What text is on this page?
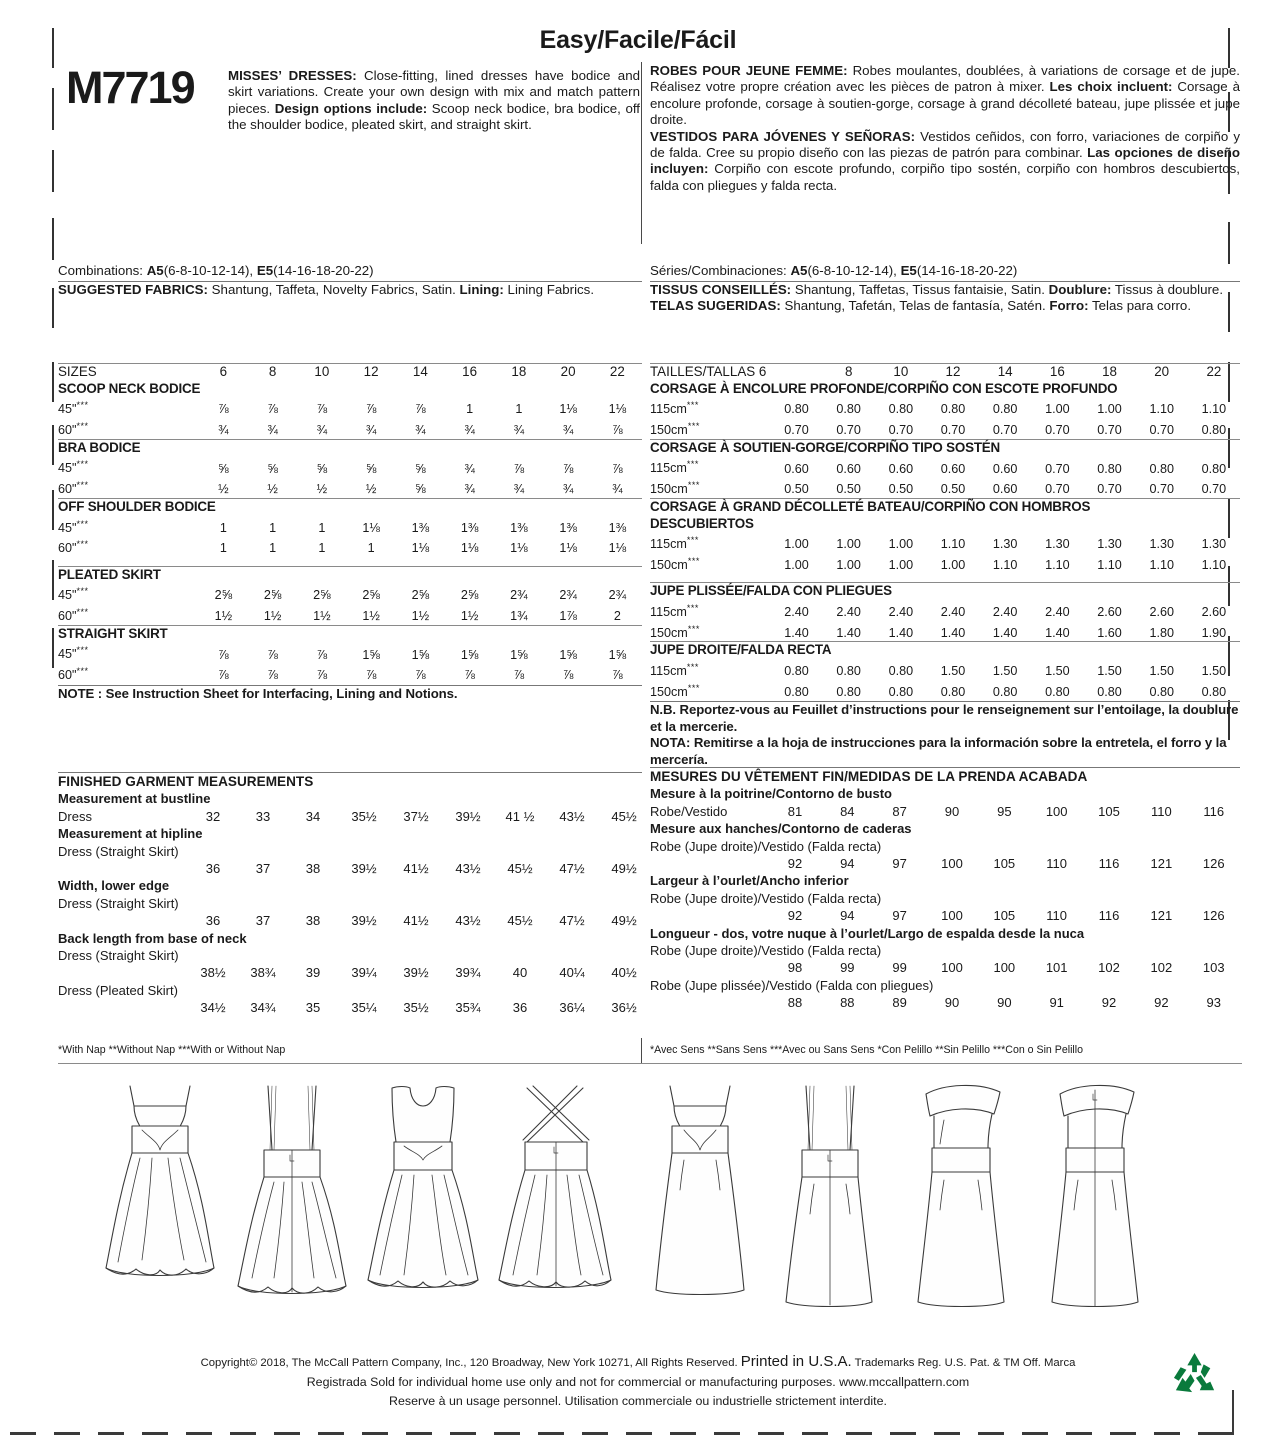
Easy/Facile/Fácil
M7719	MISSES’ DRESSES: Close-fitting, lined dresses have bodice and skirt variations. Create your own design with mix and match pattern pieces. Design options include: Scoop neck bodice, bra bodice, off the shoulder bodice, pleated skirt, and straight skirt.

ROBES POUR JEUNE FEMME: Robes moulantes, doublées, à variations de corsage et de jupe. Réalisez votre propre création avec les pièces de patron à mixer. Les choix incluent: Corsage à encolure profonde, corsage à soutien-gorge, corsage à grand décolleté bateau, jupe plissée et jupe droite.

VESTIDOS PARA JÓVENES Y SEÑORAS: Vestidos ceñidos, con forro, variaciones de corpiño y de falda. Cree su propio diseño con las piezas de patrón para combinar. Las opciones de diseño incluyen: Corpiño con escote profundo, corpiño tipo sostén, corpiño con hombros descubiertos, falda con pliegues y falda recta.

Combinations: A5(6-8-10-12-14), E5(14-16-18-20-22)
SUGGESTED FABRICS: Shantung, Taffeta, Novelty Fabrics, Satin. Lining: Lining Fabrics.
Séries/Combinaciones: A5(6-8-10-12-14), E5(14-16-18-20-22)
TISSUS CONSEILLÉS: Shantung, Taffetas, Tissus fantaisie, Satin. Doublure: Tissus à doublure.
TELAS SUGERIDAS: Shantung, Tafetán, Telas de fantasía, Satén. Forro: Telas para corro.
SIZES	6	8	10	12	14	16	18	20	22
SCOOP NECK BODICE									
45"***	⅞	⅞	⅞	⅞	⅞	1	1	1⅛	1⅛
60"***	¾	¾	¾	¾	¾	¾	¾	¾	⅞
BRA BODICE									
45"***	⅝	⅝	⅝	⅝	⅝	¾	⅞	⅞	⅞
60"***	½	½	½	½	⅝	¾	¾	¾	¾
OFF SHOULDER BODICE									
45"***	1	1	1	1⅛	1⅜	1⅜	1⅜	1⅜	1⅜
60"***	1	1	1	1	1⅛	1⅛	1⅛	1⅛	1⅛

PLEATED SKIRT									
45"***	2⅝	2⅝	2⅝	2⅝	2⅝	2⅝	2¾	2¾	2¾
60"***	1½	1½	1½	1½	1½	1½	1¾	1⅞	2
STRAIGHT SKIRT									
45"***	⅞	⅞	⅞	1⅝	1⅝	1⅝	1⅝	1⅝	1⅝
60"***	⅞	⅞	⅞	⅞	⅞	⅞	⅞	⅞	⅞
NOTE : See Instruction Sheet for Interfacing, Lining and Notions.
TAILLES/TALLAS 6		8	10	12	14	16	18	20	22
CORSAGE À ENCOLURE PROFONDE/CORPIÑO CON ESCOTE PROFUNDO									
115cm***	0.80	0.80	0.80	0.80	0.80	1.00	1.00	1.10	1.10
150cm***	0.70	0.70	0.70	0.70	0.70	0.70	0.70	0.70	0.80
CORSAGE À SOUTIEN-GORGE/CORPIÑO TIPO SOSTÉN									
115cm***	0.60	0.60	0.60	0.60	0.60	0.70	0.80	0.80	0.80
150cm***	0.50	0.50	0.50	0.50	0.60	0.70	0.70	0.70	0.70
CORSAGE À GRAND DÉCOLLETÉ BATEAU/CORPIÑO CON HOMBROS									
DESCUBIERTOS									
115cm***	1.00	1.00	1.00	1.10	1.30	1.30	1.30	1.30	1.30
150cm***	1.00	1.00	1.00	1.00	1.10	1.10	1.10	1.10	1.10

JUPE PLISSÉE/FALDA CON PLIEGUES									
115cm***	2.40	2.40	2.40	2.40	2.40	2.40	2.60	2.60	2.60
150cm***	1.40	1.40	1.40	1.40	1.40	1.40	1.60	1.80	1.90
JUPE DROITE/FALDA RECTA									
115cm***	0.80	0.80	0.80	1.50	1.50	1.50	1.50	1.50	1.50
150cm***	0.80	0.80	0.80	0.80	0.80	0.80	0.80	0.80	0.80
N.B. Reportez-vous au Feuillet d’instructions pour le renseignement sur l’entoilage, la doublure et la mercerie.
NOTA: Remitirse a la hoja de instrucciones para la información sobre la entretela, el forro y la mercería.
FINISHED GARMENT MEASUREMENTS									
Measurement at bustline									
Dress	32	33	34	35½	37½	39½	41 ½	43½	45½
Measurement at hipline									
Dress (Straight Skirt)									
	36	37	38	39½	41½	43½	45½	47½	49½
Width, lower edge									
Dress (Straight Skirt)									
	36	37	38	39½	41½	43½	45½	47½	49½
Back length from base of neck									
Dress (Straight Skirt)									
	38½	38¾	39	39¼	39½	39¾	40	40¼	40½
Dress (Pleated Skirt)									
	34½	34¾	35	35¼	35½	35¾	36	36¼	36½
MESURES DU VÊTEMENT FIN/MEDIDAS DE LA PRENDA ACABADA									
Mesure à la poitrine/Contorno de busto									
Robe/Vestido	81	84	87	90	95	100	105	110	116
Mesure aux hanches/Contorno de caderas									
Robe (Jupe droite)/Vestido (Falda recta)									
	92	94	97	100	105	110	116	121	126
Largeur à l’ourlet/Ancho inferior									
Robe (Jupe droite)/Vestido (Falda recta)									
	92	94	97	100	105	110	116	121	126
Longueur - dos, votre nuque à l’ourlet/Largo de espalda desde la nuca									
Robe (Jupe droite)/Vestido (Falda recta)									
	98	99	99	100	100	101	102	102	103
Robe (Jupe plissée)/Vestido (Falda con pliegues)									
	88	88	89	90	90	91	92	92	93
*With Nap **Without Nap ***With or Without Nap	*Avec Sens **Sans Sens ***Avec ou Sans Sens *Con Pelillo **Sin Pelillo ***Con o Sin Pelillo
Copyright© 2018, The McCall Pattern Company, Inc., 120 Broadway, New York 10271, All Rights Reserved. Printed in U.S.A. Trademarks Reg. U.S. Pat. & TM Off. Marca
Registrada Sold for individual home use only and not for commercial or manufacturing purposes. www.mccallpattern.com
Reserve à un usage personnel. Utilisation commerciale ou industrielle strictement interdite.
